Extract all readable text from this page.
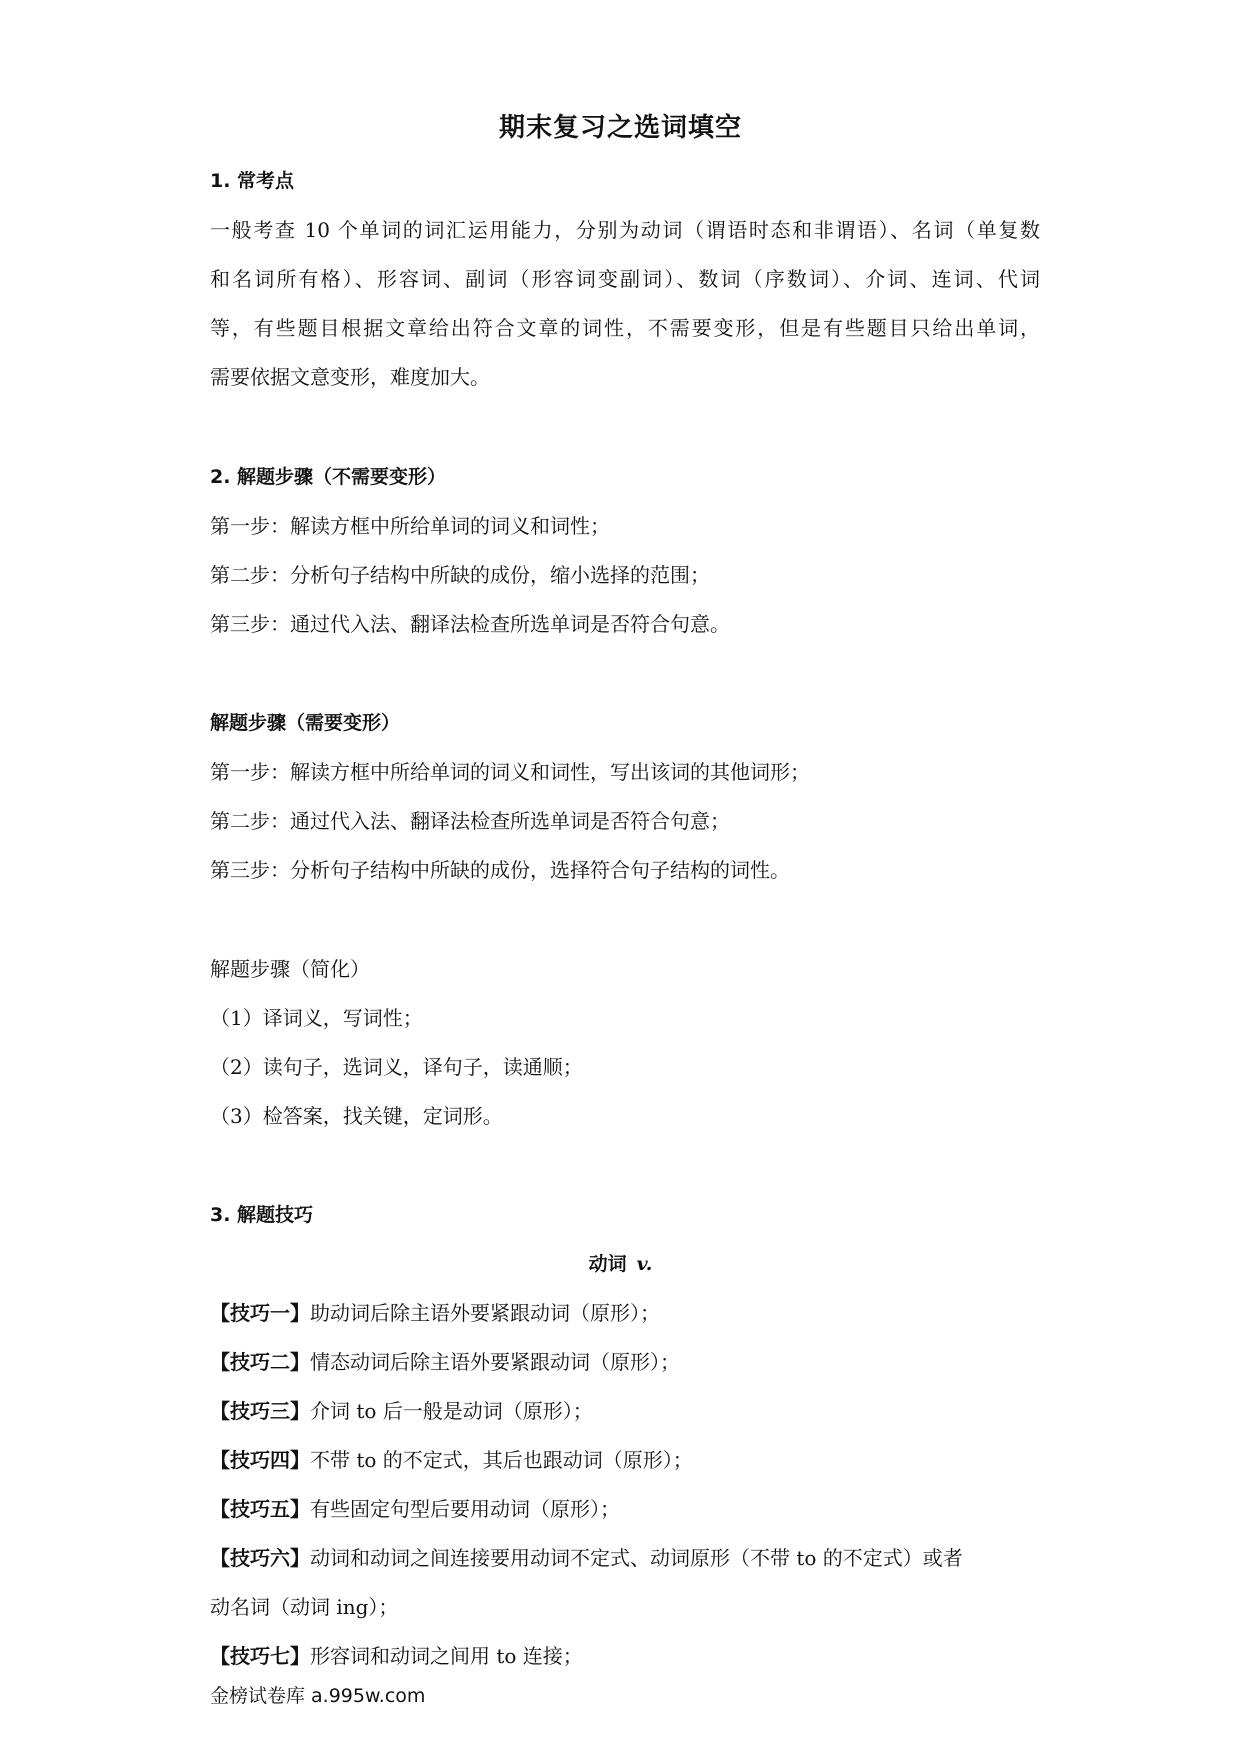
期末复习之选词填空
1. 常考点
一般考查 10 个单词的词汇运用能力，分别为动词（谓语时态和非谓语）、名词（单复数
和名词所有格）、形容词、副词（形容词变副词）、数词（序数词）、介词、连词、代词
等，有些题目根据文章给出符合文章的词性，不需要变形，但是有些题目只给出单词，
需要依据文意变形，难度加大。
2. 解题步骤（不需要变形）
第一步：解读方框中所给单词的词义和词性；
第二步：分析句子结构中所缺的成份，缩小选择的范围；
第三步：通过代入法、翻译法检查所选单词是否符合句意。
解题步骤（需要变形）
第一步：解读方框中所给单词的词义和词性，写出该词的其他词形；
第二步：通过代入法、翻译法检查所选单词是否符合句意；
第三步：分析句子结构中所缺的成份，选择符合句子结构的词性。
解题步骤（简化）
（1）译词义，写词性；
（2）读句子，选词义，译句子，读通顺；
（3）检答案，找关键，定词形。
3. 解题技巧
动词 v.
【技巧一】助动词后除主语外要紧跟动词（原形）；
【技巧二】情态动词后除主语外要紧跟动词（原形）；
【技巧三】介词 to 后一般是动词（原形）；
【技巧四】不带 to 的不定式，其后也跟动词（原形）；
【技巧五】有些固定句型后要用动词（原形）；
【技巧六】动词和动词之间连接要用动词不定式、动词原形（不带 to 的不定式）或者
动名词（动词 ing）；
【技巧七】形容词和动词之间用 to 连接；
金榜试卷库 a.995w.com
